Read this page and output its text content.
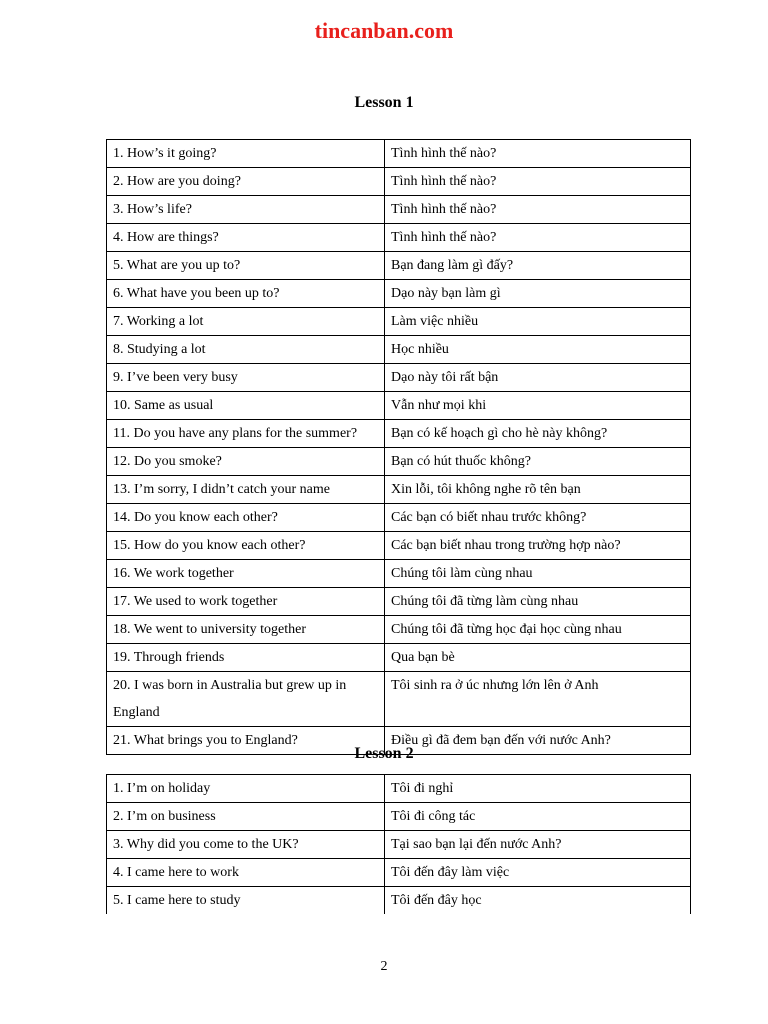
tincanban.com
Lesson 1
1. How’s it going?	Tình hình thế nào?
2. How are you doing?	Tình hình thế nào?
3. How’s life?	Tình hình thế nào?
4. How are things?	Tình hình thế nào?
5. What are you up to?	Bạn đang làm gì đấy?
6. What have you been up to?	Dạo này bạn làm gì
7. Working a lot	Làm việc nhiều
8. Studying a lot	Học nhiều
9. I’ve been very busy	Dạo này tôi rất bận
10. Same as usual	Vẫn như mọi khi
11. Do you have any plans for the summer?	Bạn có kế hoạch gì cho hè này không?
12. Do you smoke?	Bạn có hút thuốc không?
13. I’m sorry, I didn’t catch your name	Xin lỗi, tôi không nghe rõ tên bạn
14. Do you know each other?	Các bạn có biết nhau trước không?
15. How do you know each other?	Các bạn biết nhau trong trường hợp nào?
16. We work together	Chúng tôi làm cùng nhau
17. We used to work together	Chúng tôi đã từng làm cùng nhau
18. We went to university together	Chúng tôi đã từng học đại học cùng nhau
19. Through friends	Qua bạn bè
20. I was born in Australia but grew up in England	Tôi sinh ra ở úc nhưng lớn lên ở Anh
21. What brings you to England?	Điều gì đã đem bạn đến với nước Anh?
Lesson 2
1. I’m on holiday	Tôi đi nghỉ
2. I’m on business	Tôi đi công tác
3. Why did you come to the UK?	Tại sao bạn lại đến nước Anh?
4. I came here to work	Tôi đến đây làm việc
5. I came here to study	Tôi đến đây học
2
